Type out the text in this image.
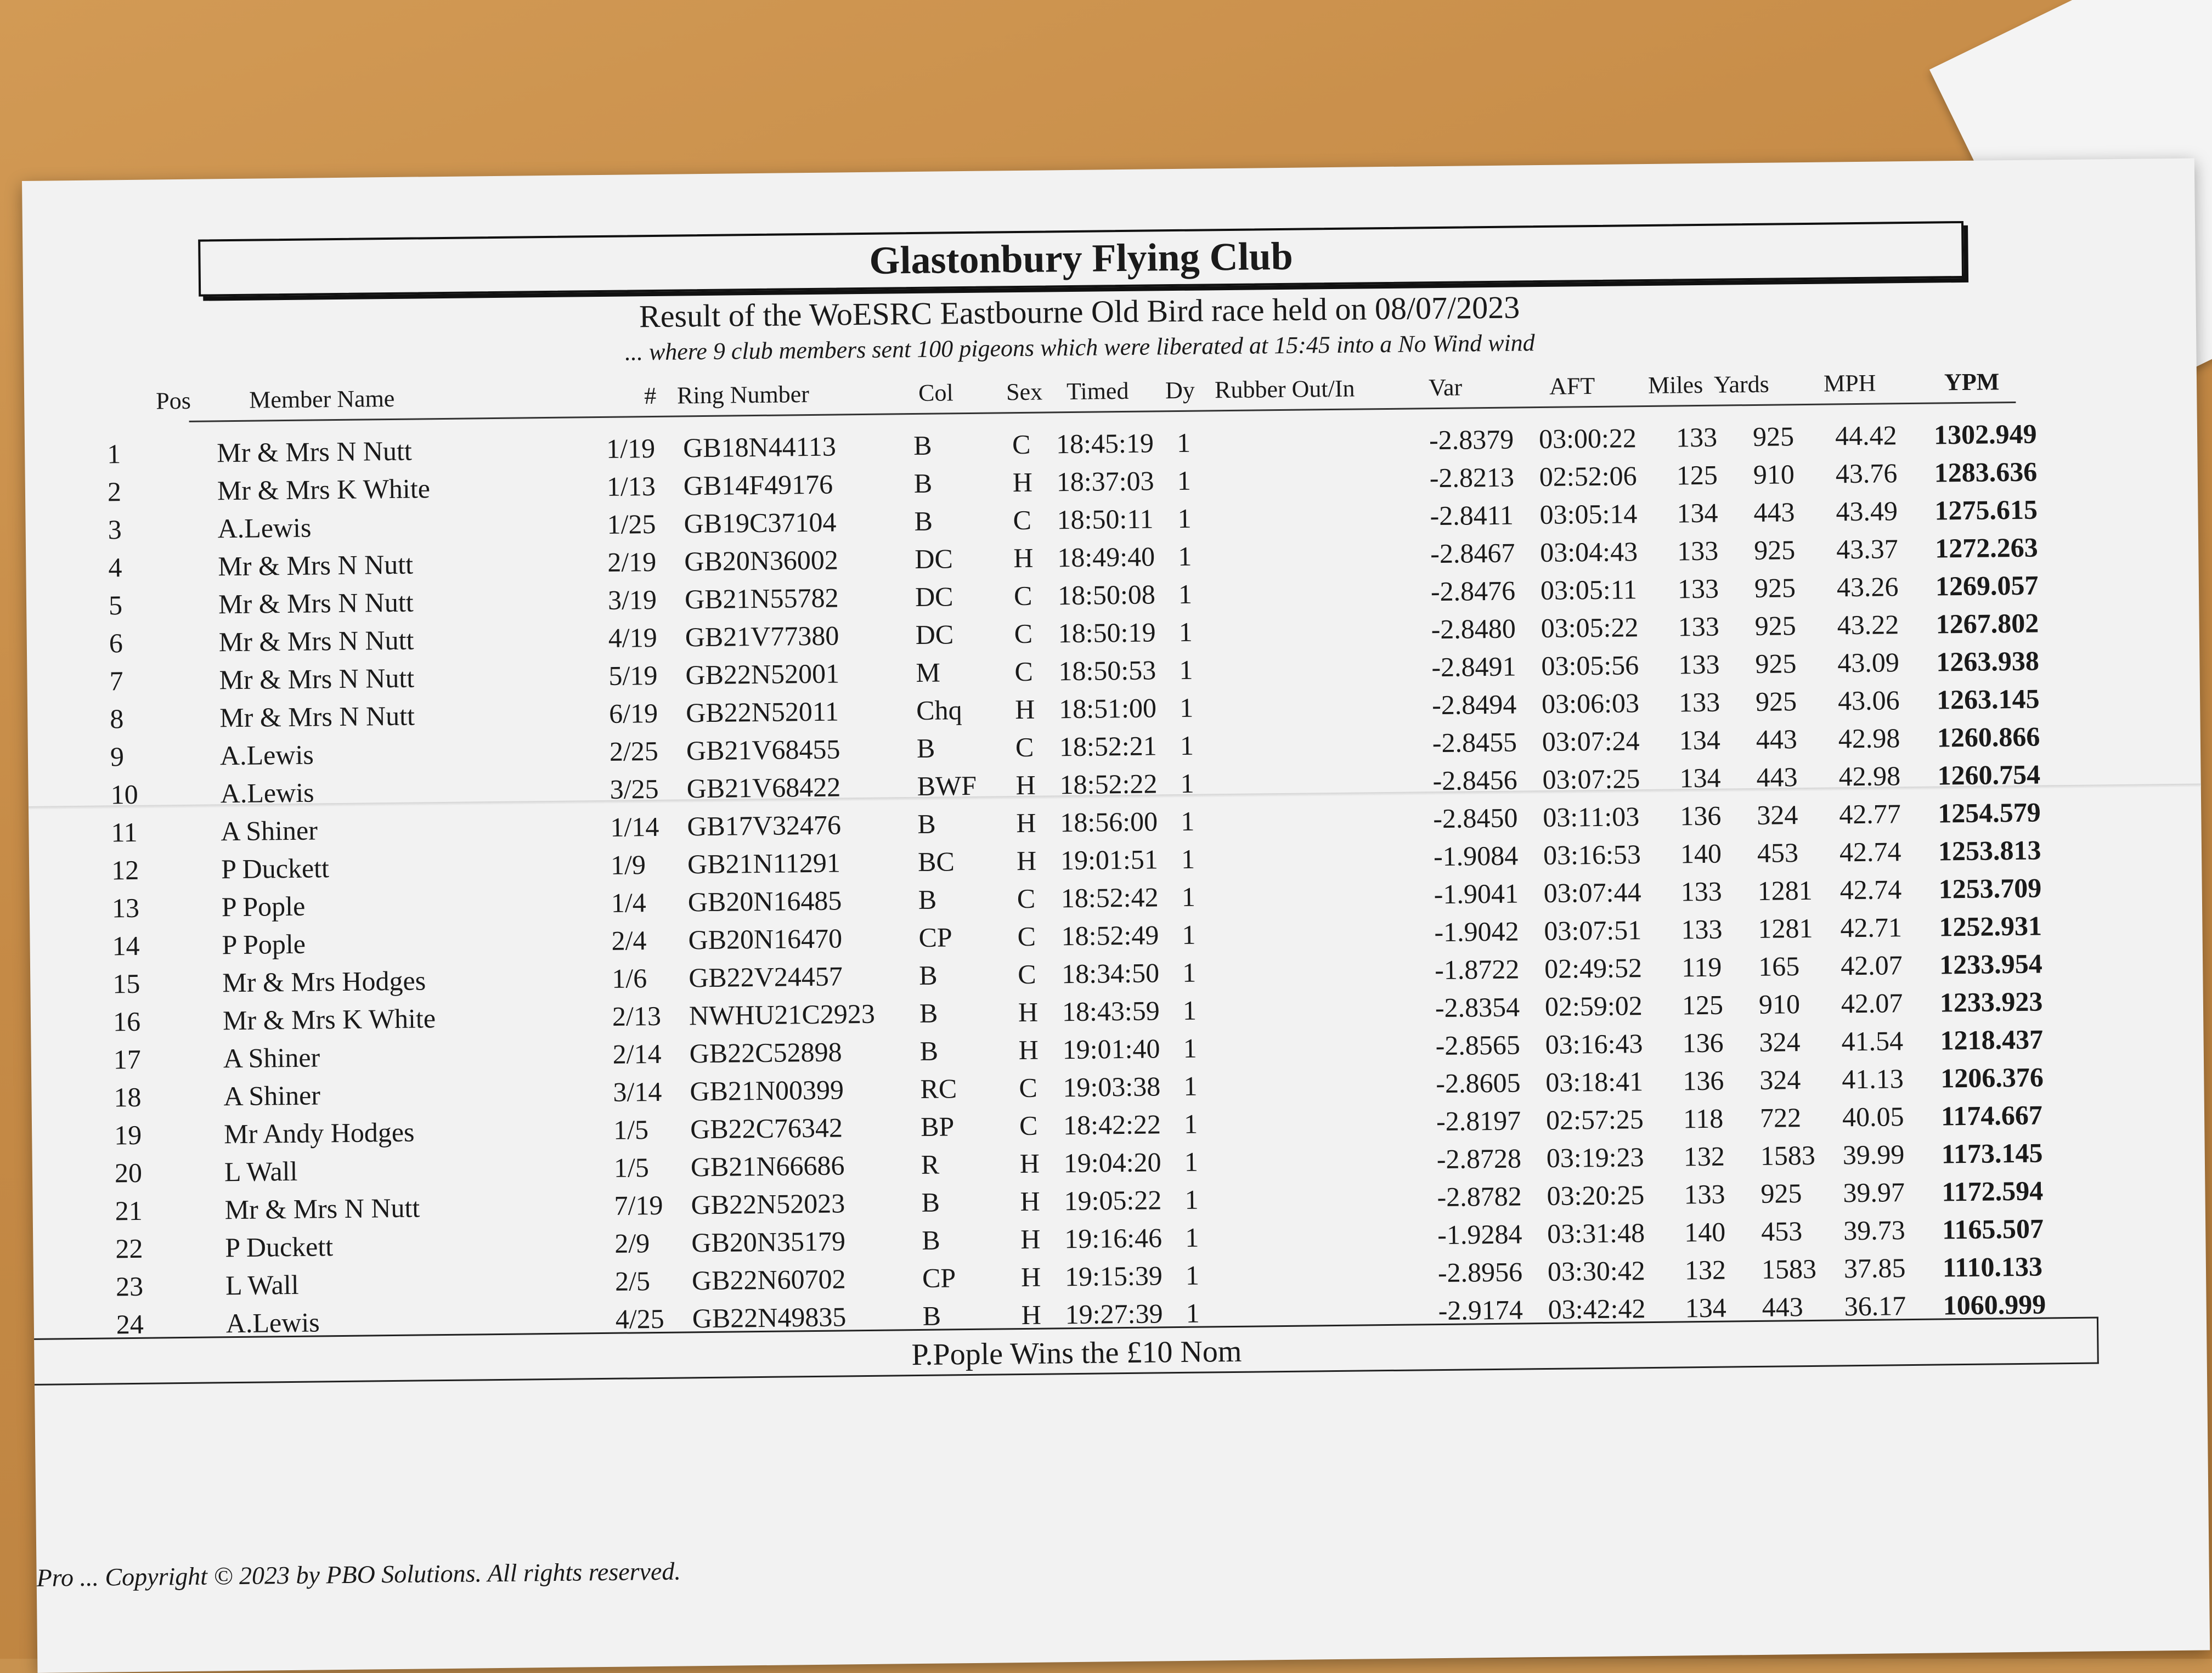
Glastonbury Flying Club
Result of the WoESRC Eastbourne Old Bird race held on 08/07/2023
... where 9 club members sent 100 pigeons which were liberated at 15:45 into a No Wind wind
Pos Member Name	# Ring Number	Col Sex Timed Dy Rubber Out/In	Var	AFT Miles Yards MPH	YPM
1	Mr & Mrs N Nutt	1/19 GB18N44113	B	C 18:45:19 1	-2.8379 03:00:22 133 925 44.42 1302.949
2	Mr & Mrs K White	1/13 GB14F49176	B	H 18:37:03 1	-2.8213 02:52:06 125 910 43.76 1283.636
3	A.Lewis	1/25 GB19C37104	B	C 18:50:11 1	-2.8411 03:05:14 134 443 43.49 1275.615
4	Mr & Mrs N Nutt	2/19 GB20N36002	DC H 18:49:40 1	-2.8467 03:04:43 133 925 43.37 1272.263
5	Mr & Mrs N Nutt	3/19 GB21N55782	DC C 18:50:08 1	-2.8476 03:05:11 133 925 43.26 1269.057
6	Mr & Mrs N Nutt	4/19 GB21V77380	DC C 18:50:19 1	-2.8480 03:05:22 133 925 43.22 1267.802
7	Mr & Mrs N Nutt	5/19 GB22N52001	M	C 18:50:53 1	-2.8491 03:05:56 133 925 43.09 1263.938
8	Mr & Mrs N Nutt	6/19 GB22N52011	Chq H 18:51:00 1	-2.8494 03:06:03 133 925 43.06 1263.145
9	A.Lewis	2/25 GB21V68455	B	C 18:52:21 1	-2.8455 03:07:24 134 443 42.98 1260.866
10	A.Lewis	3/25 GB21V68422	BWF H 18:52:22 1	-2.8456 03:07:25 134 443 42.98 1260.754
11	A Shiner	1/14 GB17V32476	B	H 18:56:00 1	-2.8450 03:11:03 136 324 42.77 1254.579
12	P Duckett	1/9 GB21N11291	BC H 19:01:51 1	-1.9084 03:16:53 140 453 42.74 1253.813
13	P Pople	1/4 GB20N16485	B	C 18:52:42 1	-1.9041 03:07:44 133 1281 42.74 1253.709
14	P Pople	2/4 GB20N16470	CP C 18:52:49 1	-1.9042 03:07:51 133 1281 42.71 1252.931
15	Mr & Mrs Hodges	1/6 GB22V24457	B	C 18:34:50 1	-1.8722 02:49:52 119 165 42.07 1233.954
16	Mr & Mrs K White	2/13 NWHU21C2923 B	H 18:43:59 1	-2.8354 02:59:02 125 910 42.07 1233.923
17	A Shiner	2/14 GB22C52898	B	H 19:01:40 1	-2.8565 03:16:43 136 324 41.54 1218.437
18	A Shiner	3/14 GB21N00399	RC C 19:03:38 1	-2.8605 03:18:41 136 324 41.13 1206.376
19	Mr Andy Hodges	1/5 GB22C76342	BP C 18:42:22 1	-2.8197 02:57:25 118 722 40.05 1174.667
20	L Wall	1/5 GB21N66686	R	H 19:04:20 1	-2.8728 03:19:23 132 1583 39.99 1173.145
21	Mr & Mrs N Nutt	7/19 GB22N52023	B	H 19:05:22 1	-2.8782 03:20:25 133 925 39.97 1172.594
22	P Duckett	2/9 GB20N35179	B	H 19:16:46 1	-1.9284 03:31:48 140 453 39.73 1165.507
23	L Wall	2/5 GB22N60702	CP H 19:15:39 1	-2.8956 03:30:42 132 1583 37.85 1110.133
24	A.Lewis	4/25 GB22N49835	B	H 19:27:39 1	-2.9174 03:42:42 134 443 36.17 1060.999
P.Pople Wins the £10 Nom
Pro ... Copyright © 2023 by PBO Solutions. All rights reserved.
